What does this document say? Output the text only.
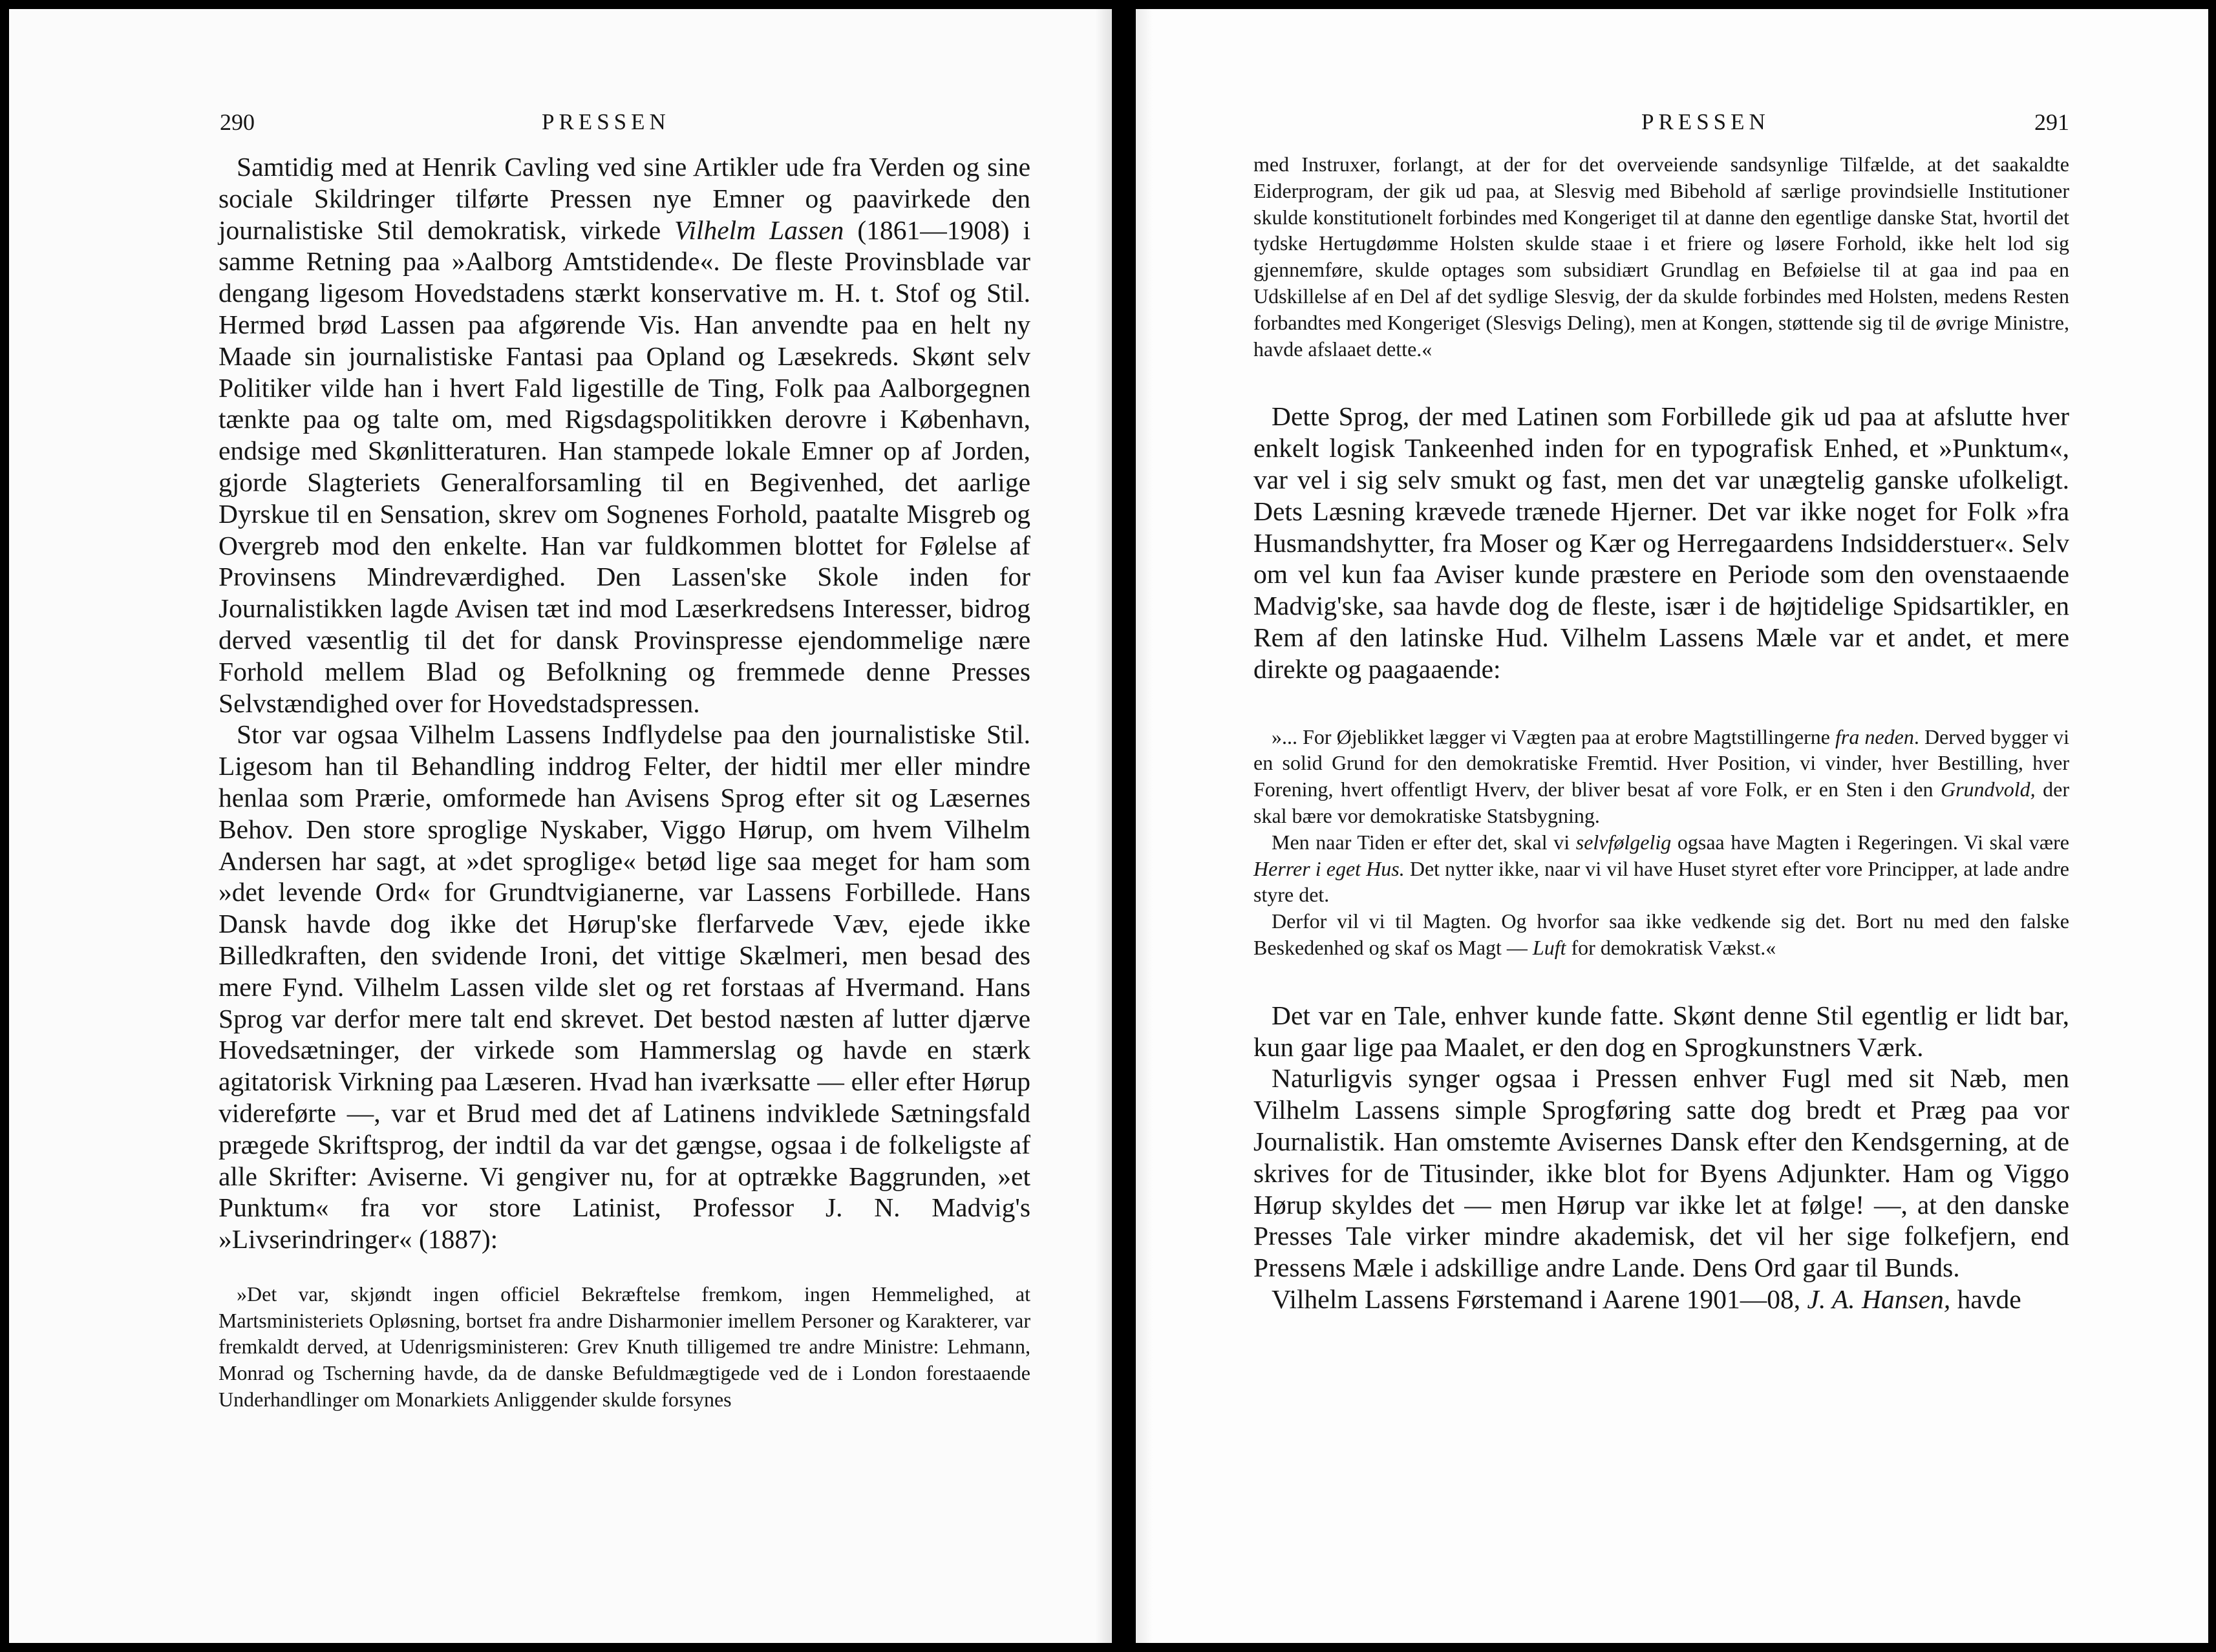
290	PRESSEN

Samtidig med at Henrik Cavling ved sine Artikler ude fra Verden og sine sociale Skildringer tilførte Pressen nye Emner og paavirkede den journalistiske Stil demokratisk, virkede Vilhelm Lassen (1861—1908) i samme Retning paa »Aalborg Amtstidende«. De fleste Provinsblade var dengang ligesom Hovedstadens stærkt konservative m. H. t. Stof og Stil. Hermed brød Lassen paa afgørende Vis. Han anvendte paa en helt ny Maade sin journalistiske Fantasi paa Opland og Læsekreds. Skønt selv Politiker vilde han i hvert Fald ligestille de Ting, Folk paa Aalborgegnen tænkte paa og talte om, med Rigsdagspolitikken derovre i København, endsige med Skønlitteraturen. Han stampede lokale Emner op af Jorden, gjorde Slagteriets Generalforsamling til en Begivenhed, det aarlige Dyrskue til en Sensation, skrev om Sognenes Forhold, paatalte Misgreb og Overgreb mod den enkelte. Han var fuldkommen blottet for Følelse af Provinsens Mindreværdighed. Den Lassen'ske Skole inden for Journalistikken lagde Avisen tæt ind mod Læserkredsens Interesser, bidrog derved væsentlig til det for dansk Provinspresse ejendommelige nære Forhold mellem Blad og Befolkning og fremmede denne Presses Selvstændighed over for Hovedstadspressen.

Stor var ogsaa Vilhelm Lassens Indflydelse paa den journalistiske Stil. Ligesom han til Behandling inddrog Felter, der hidtil mer eller mindre henlaa som Prærie, omformede han Avisens Sprog efter sit og Læsernes Behov. Den store sproglige Nyskaber, Viggo Hørup, om hvem Vilhelm Andersen har sagt, at »det sproglige« betød lige saa meget for ham som »det levende Ord« for Grundtvigianerne, var Lassens Forbillede. Hans Dansk havde dog ikke det Hørup'ske flerfarvede Væv, ejede ikke Billedkraften, den svidende Ironi, det vittige Skælmeri, men besad des mere Fynd. Vilhelm Lassen vilde slet og ret forstaas af Hvermand. Hans Sprog var derfor mere talt end skrevet. Det bestod næsten af lutter djærve Hovedsætninger, der virkede som Hammerslag og havde en stærk agitatorisk Virkning paa Læseren. Hvad han iværksatte — eller efter Hørup videreførte —, var et Brud med det af Latinens indviklede Sætningsfald prægede Skriftsprog, der indtil da var det gængse, ogsaa i de folkeligste af alle Skrifter: Aviserne. Vi gengiver nu, for at optrække Baggrunden, »et Punktum« fra vor store Latinist, Professor J. N. Madvig's »Livserindringer« (1887):

»Det var, skjøndt ingen officiel Bekræftelse fremkom, ingen Hemmelighed, at Martsministeriets Opløsning, bortset fra andre Disharmonier imellem Personer og Karakterer, var fremkaldt derved, at Udenrigsministeren: Grev Knuth tilligemed tre andre Ministre: Lehmann, Monrad og Tscherning havde, da de danske Befuldmægtigede ved de i London forestaaende Underhandlinger om Monarkiets Anliggender skulde forsynes

PRESSEN	291

med Instruxer, forlangt, at der for det overveiende sandsynlige Tilfælde, at det saakaldte Eiderprogram, der gik ud paa, at Slesvig med Bibehold af særlige provindsielle Institutioner skulde konstitutionelt forbindes med Kongeriget til at danne den egentlige danske Stat, hvortil det tydske Hertugdømme Holsten skulde staae i et friere og løsere Forhold, ikke helt lod sig gjennemføre, skulde optages som subsidiært Grundlag en Beføielse til at gaa ind paa en Udskillelse af en Del af det sydlige Slesvig, der da skulde forbindes med Holsten, medens Resten forbandtes med Kongeriget (Slesvigs Deling), men at Kongen, støttende sig til de øvrige Ministre, havde afslaaet dette.«

Dette Sprog, der med Latinen som Forbillede gik ud paa at afslutte hver enkelt logisk Tankeenhed inden for en typografisk Enhed, et »Punktum«, var vel i sig selv smukt og fast, men det var unægtelig ganske ufolkeligt. Dets Læsning krævede trænede Hjerner. Det var ikke noget for Folk »fra Husmandshytter, fra Moser og Kær og Herregaardens Indsidderstuer«. Selv om vel kun faa Aviser kunde præstere en Periode som den ovenstaaende Madvig'ske, saa havde dog de fleste, især i de højtidelige Spidsartikler, en Rem af den latinske Hud. Vilhelm Lassens Mæle var et andet, et mere direkte og paagaaende:

»... For Øjeblikket lægger vi Vægten paa at erobre Magtstillingerne fra neden. Derved bygger vi en solid Grund for den demokratiske Fremtid. Hver Position, vi vinder, hver Bestilling, hver Forening, hvert offentligt Hverv, der bliver besat af vore Folk, er en Sten i den Grundvold, der skal bære vor demokratiske Statsbygning.

Men naar Tiden er efter det, skal vi selvfølgelig ogsaa have Magten i Regeringen. Vi skal være Herrer i eget Hus. Det nytter ikke, naar vi vil have Huset styret efter vore Principper, at lade andre styre det.

Derfor vil vi til Magten. Og hvorfor saa ikke vedkende sig det. Bort nu med den falske Beskedenhed og skaf os Magt — Luft for demokratisk Vækst.«

Det var en Tale, enhver kunde fatte. Skønt denne Stil egentlig er lidt bar, kun gaar lige paa Maalet, er den dog en Sprogkunstners Værk.

Naturligvis synger ogsaa i Pressen enhver Fugl med sit Næb, men Vilhelm Lassens simple Sprogføring satte dog bredt et Præg paa vor Journalistik. Han omstemte Avisernes Dansk efter den Kendsgerning, at de skrives for de Titusinder, ikke blot for Byens Adjunkter. Ham og Viggo Hørup skyldes det — men Hørup var ikke let at følge! —, at den danske Presses Tale virker mindre akademisk, det vil her sige folkefjern, end Pressens Mæle i adskillige andre Lande. Dens Ord gaar til Bunds.

Vilhelm Lassens Førstemand i Aarene 1901—08, J. A. Hansen, havde
